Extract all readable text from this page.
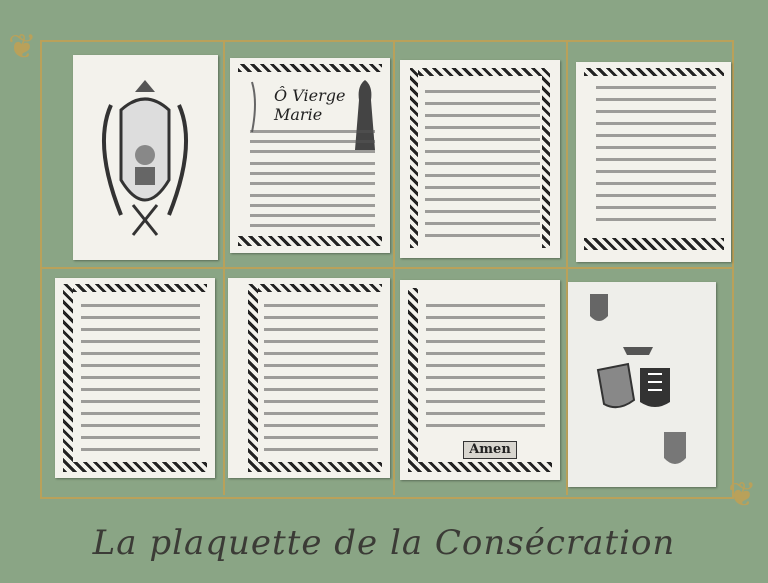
❦
❦
Ô Vierge Marie
Amen
La plaquette de la Consécration
